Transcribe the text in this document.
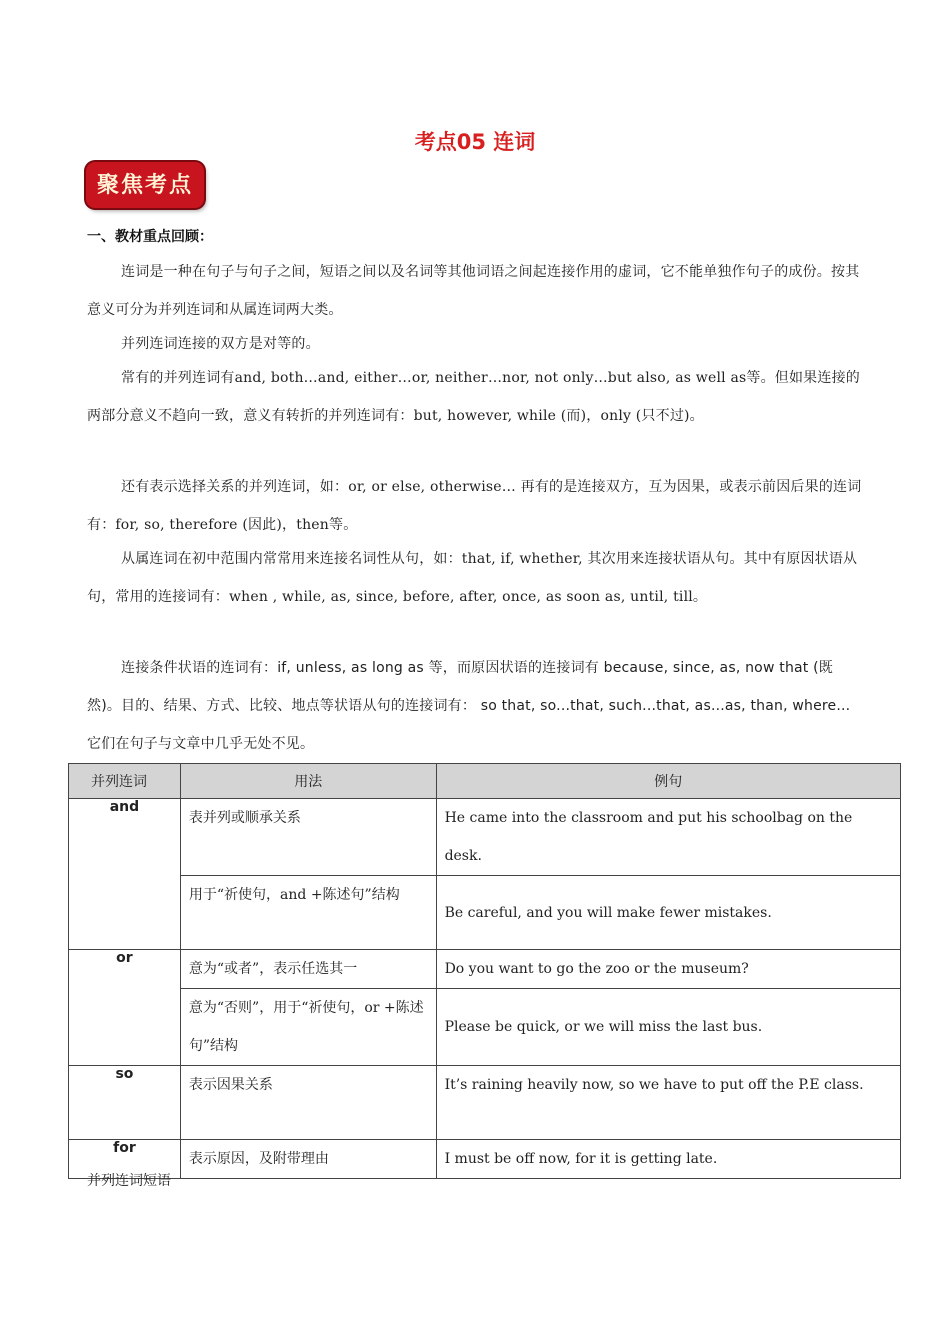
考点05 连词
聚焦考点
一、教材重点回顾：

连词是一种在句子与句子之间，短语之间以及名词等其他词语之间起连接作用的虚词，它不能单独作句子的成份。按其意义可分为并列连词和从属连词两大类。

并列连词连接的双方是对等的。

常有的并列连词有and, both…and, either…or, neither…nor, not only…but also, as well as等。但如果连接的两部分意义不趋向一致，意义有转折的并列连词有：but, however, while (而)，only (只不过)。

还有表示选择关系的并列连词，如：or, or else, otherwise… 再有的是连接双方，互为因果，或表示前因后果的连词有：for, so, therefore (因此)，then等。

从属连词在初中范围内常常用来连接名词性从句，如：that, if, whether, 其次用来连接状语从句。其中有原因状语从句，常用的连接词有：when , while, as, since, before, after, once, as soon as, until, till。

连接条件状语的连词有：if, unless, as long as 等，而原因状语的连接词有 because, since, as, now that (既然)。目的、结果、方式、比较、地点等状语从句的连接词有： so that, so...that, such...that, as...as, than, where... 它们在句子与文章中几乎无处不见。

并列连词	用法	例句
and	表并列或顺承关系	He came into the classroom and put his schoolbag on the desk.
	用于“祈使句，and +陈述句”结构	Be careful, and you will make fewer mistakes.
or	意为“或者”，表示任选其一	Do you want to go the zoo or the museum?
	意为“否则”，用于“祈使句，or +陈述句”结构	Please be quick, or we will miss the last bus.
so	表示因果关系	It’s raining heavily now, so we have to put off the P.E class.
for	表示原因，及附带理由	I must be off now, for it is getting late.
并列连词短语
